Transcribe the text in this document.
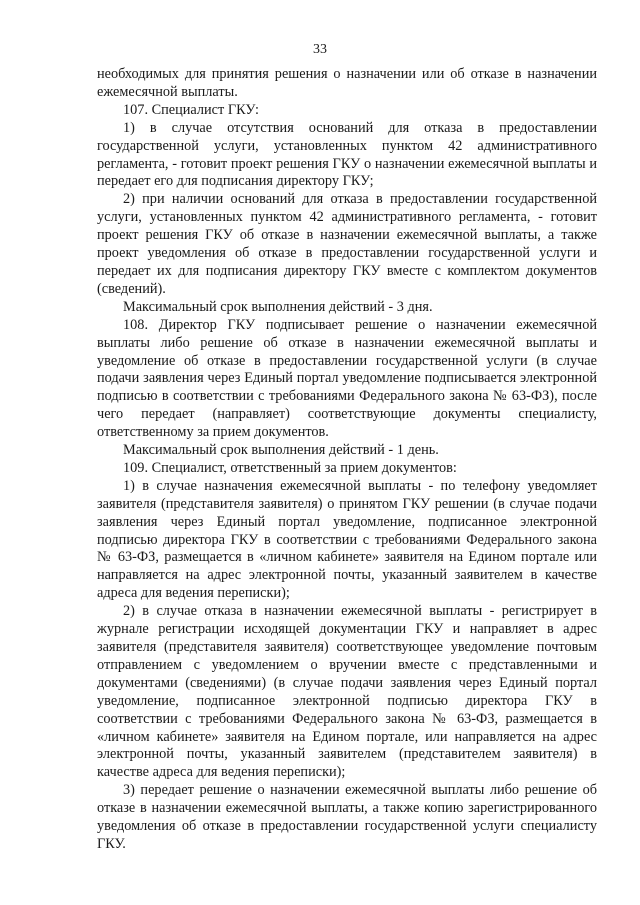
33

необходимых для принятия решения о назначении или об отказе в назначении ежемесячной выплаты.

107. Специалист ГКУ:

1) в случае отсутствия оснований для отказа в предоставлении государственной услуги, установленных пунктом 42 административного регламента, - готовит проект решения ГКУ о назначении ежемесячной выплаты и передает его для подписания директору ГКУ;

2) при наличии оснований для отказа в предоставлении государственной услуги, установленных пунктом 42 административного регламента, - готовит проект решения ГКУ об отказе в назначении ежемесячной выплаты, а также проект уведомления об отказе в предоставлении государственной услуги и передает их для подписания директору ГКУ вместе с комплектом документов (сведений).

Максимальный срок выполнения действий - 3 дня.

108. Директор ГКУ подписывает решение о назначении ежемесячной выплаты либо решение об отказе в назначении ежемесячной выплаты и уведомление об отказе в предоставлении государственной услуги (в случае подачи заявления через Единый портал уведомление подписывается электронной подписью в соответствии с требованиями Федерального закона № 63-ФЗ), после чего передает (направляет) соответствующие документы специалисту, ответственному за прием документов.

Максимальный срок выполнения действий - 1 день.

109. Специалист, ответственный за прием документов:

1) в случае назначения ежемесячной выплаты - по телефону уведомляет заявителя (представителя заявителя) о принятом ГКУ решении (в случае подачи заявления через Единый портал уведомление, подписанное электронной подписью директора ГКУ в соответствии с требованиями Федерального закона № 63-ФЗ, размещается в «личном кабинете» заявителя на Едином портале или направляется на адрес электронной почты, указанный заявителем в качестве адреса для ведения переписки);

2) в случае отказа в назначении ежемесячной выплаты - регистрирует в журнале регистрации исходящей документации ГКУ и направляет в адрес заявителя (представителя заявителя) соответствующее уведомление почтовым отправлением с уведомлением о вручении вместе с представленными и документами (сведениями) (в случае подачи заявления через Единый портал уведомление, подписанное электронной подписью директора ГКУ в соответствии с требованиями Федерального закона № 63-ФЗ, размещается в «личном кабинете» заявителя на Едином портале, или направляется на адрес электронной почты, указанный заявителем (представителем заявителя) в качестве адреса для ведения переписки);

3) передает решение о назначении ежемесячной выплаты либо решение об отказе в назначении ежемесячной выплаты, а также копию зарегистрированного уведомления об отказе в предоставлении государственной услуги специалисту ГКУ.
